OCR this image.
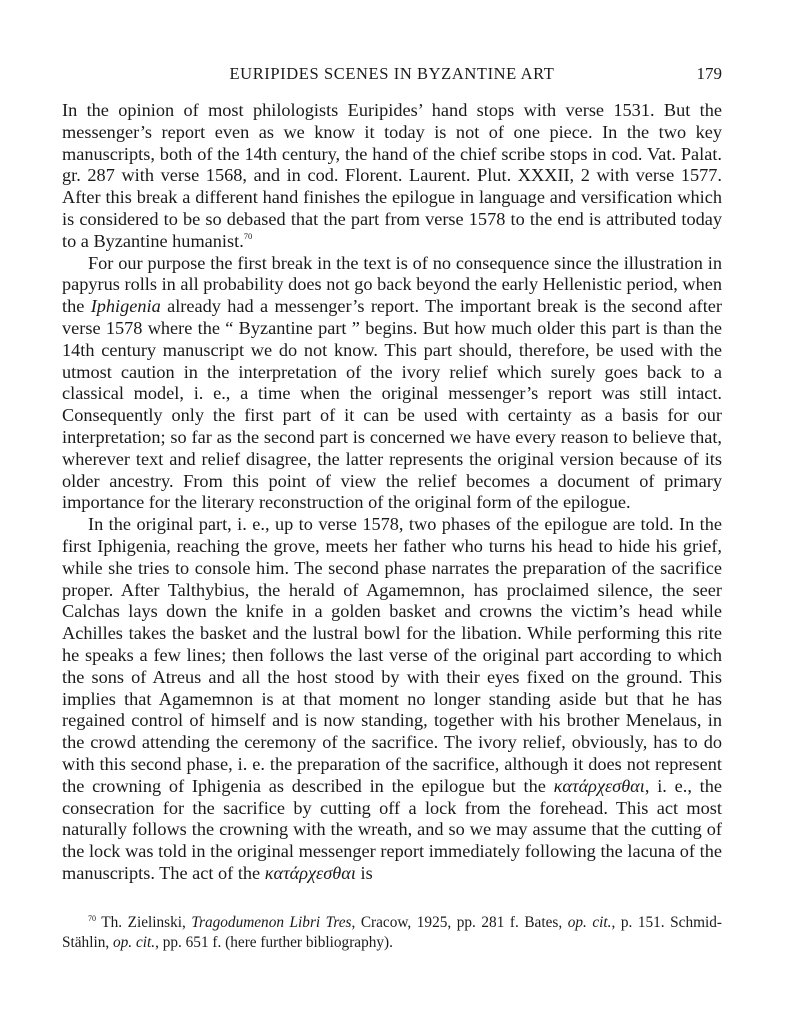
EURIPIDES SCENES IN BYZANTINE ART	179

In the opinion of most philologists Euripides’ hand stops with verse 1531. But the messenger’s report even as we know it today is not of one piece. In the two key manuscripts, both of the 14th century, the hand of the chief scribe stops in cod. Vat. Palat. gr. 287 with verse 1568, and in cod. Florent. Laurent. Plut. XXXII, 2 with verse 1577. After this break a different hand finishes the epilogue in language and versification which is considered to be so debased that the part from verse 1578 to the end is attributed today to a Byzantine humanist.$^{70}$

For our purpose the first break in the text is of no consequence since the illustration in papyrus rolls in all probability does not go back beyond the early Hellenistic period, when the Iphigenia already had a messenger’s report. The important break is the second after verse 1578 where the “ Byzantine part ” begins. But how much older this part is than the 14th century manuscript we do not know. This part should, therefore, be used with the utmost caution in the interpretation of the ivory relief which surely goes back to a classical model, i. e., a time when the original messenger’s report was still intact. Consequently only the first part of it can be used with certainty as a basis for our interpretation; so far as the second part is concerned we have every reason to believe that, wherever text and relief disagree, the latter represents the original version because of its older ancestry. From this point of view the relief becomes a document of primary importance for the literary reconstruction of the original form of the epilogue.

In the original part, i. e., up to verse 1578, two phases of the epilogue are told. In the first Iphigenia, reaching the grove, meets her father who turns his head to hide his grief, while she tries to console him. The second phase narrates the preparation of the sacrifice proper. After Talthybius, the herald of Agamemnon, has proclaimed silence, the seer Calchas lays down the knife in a golden basket and crowns the victim’s head while Achilles takes the basket and the lustral bowl for the libation. While performing this rite he speaks a few lines; then follows the last verse of the original part according to which the sons of Atreus and all the host stood by with their eyes fixed on the ground. This implies that Agamemnon is at that moment no longer standing aside but that he has regained control of himself and is now standing, together with his brother Menelaus, in the crowd attending the ceremony of the sacrifice. The ivory relief, obviously, has to do with this second phase, i. e. the preparation of the sacrifice, although it does not represent the crowning of Iphigenia as described in the epilogue but the κατάρχεσθαι, i. e., the consecration for the sacrifice by cutting off a lock from the forehead. This act most naturally follows the crowning with the wreath, and so we may assume that the cutting of the lock was told in the original messenger report immediately following the lacuna of the manuscripts. The act of the κατάρχεσθαι is

$^{70}$ Th. Zielinski, Tragodumenon Libri Tres, Cracow, 1925, pp. 281 f. Bates, op. cit., p. 151. Schmid-Stählin, op. cit., pp. 651 f. (here further bibliography).
